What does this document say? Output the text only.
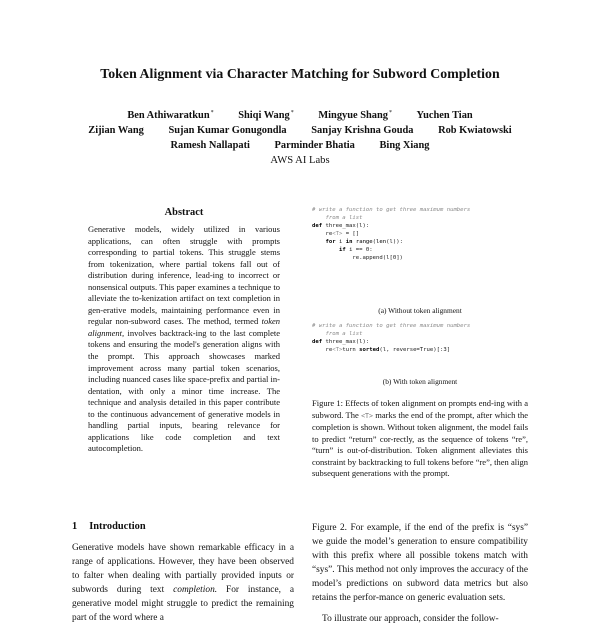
Token Alignment via Character Matching for Subword Completion
Ben Athiwaratkun* Shiqi Wang* Mingyue Shang* Yuchen Tian
Zijian Wang Sujan Kumar Gonugondla Sanjay Krishna Gouda Rob Kwiatowski
Ramesh Nallapati Parminder Bhatia Bing Xiang
AWS AI Labs
Abstract
Generative models, widely utilized in various applications, can often struggle with prompts corresponding to partial tokens. This struggle stems from tokenization, where partial tokens fall out of distribution during inference, lead-ing to incorrect or nonsensical outputs. This paper examines a technique to alleviate the to-kenization artifact on text completion in gen-erative models, maintaining performance even in regular non-subword cases. The method, termed token alignment, involves backtrack-ing to the last complete tokens and ensuring the model's generation aligns with the prompt. This approach showcases marked improvement across many partial token scenarios, including nuanced cases like space-prefix and partial in-dentation, with only a minor time increase. The technique and analysis detailed in this paper contribute to the continuous advancement of generative models in handling partial inputs, bearing relevance for applications like code completion and text autocompletion.
1 Introduction
Generative models have shown remarkable efficacy in a range of applications. However, they have been observed to falter when dealing with partially provided inputs or subwords during text completion. For instance, a generative model might struggle to predict the remaining part of the word where a
# write a function to get three maximum numbers
from a list
def three_max(l):
re<T> = []
for i in range(len(l)):
if i == 0:
re.append(l[0])
(a) Without token alignment
# write a function to get three maximum numbers
from a list
def three_max(l):
re<T>turn sorted(l, reverse=True)[:3]
(b) With token alignment
Figure 1: Effects of token alignment on prompts end-ing with a subword. The <T> marks the end of the prompt, after which the completion is shown. Without token alignment, the model fails to predict “return” cor-rectly, as the sequence of tokens “re”, “turn” is out-of-distribution. Token alignment alleviates this constraint by backtracking to full tokens before “re”, then align subsequent generations with the prompt.

Figure 2. For example, if the end of the prefix is “sys” we guide the model’s generation to ensure compatibility with this prefix where all possible tokens match with “sys”. This method not only improves the accuracy of the model’s predictions on subword data metrics but also retains the perfor-mance on generic evaluation sets.

To illustrate our approach, consider the follow-
